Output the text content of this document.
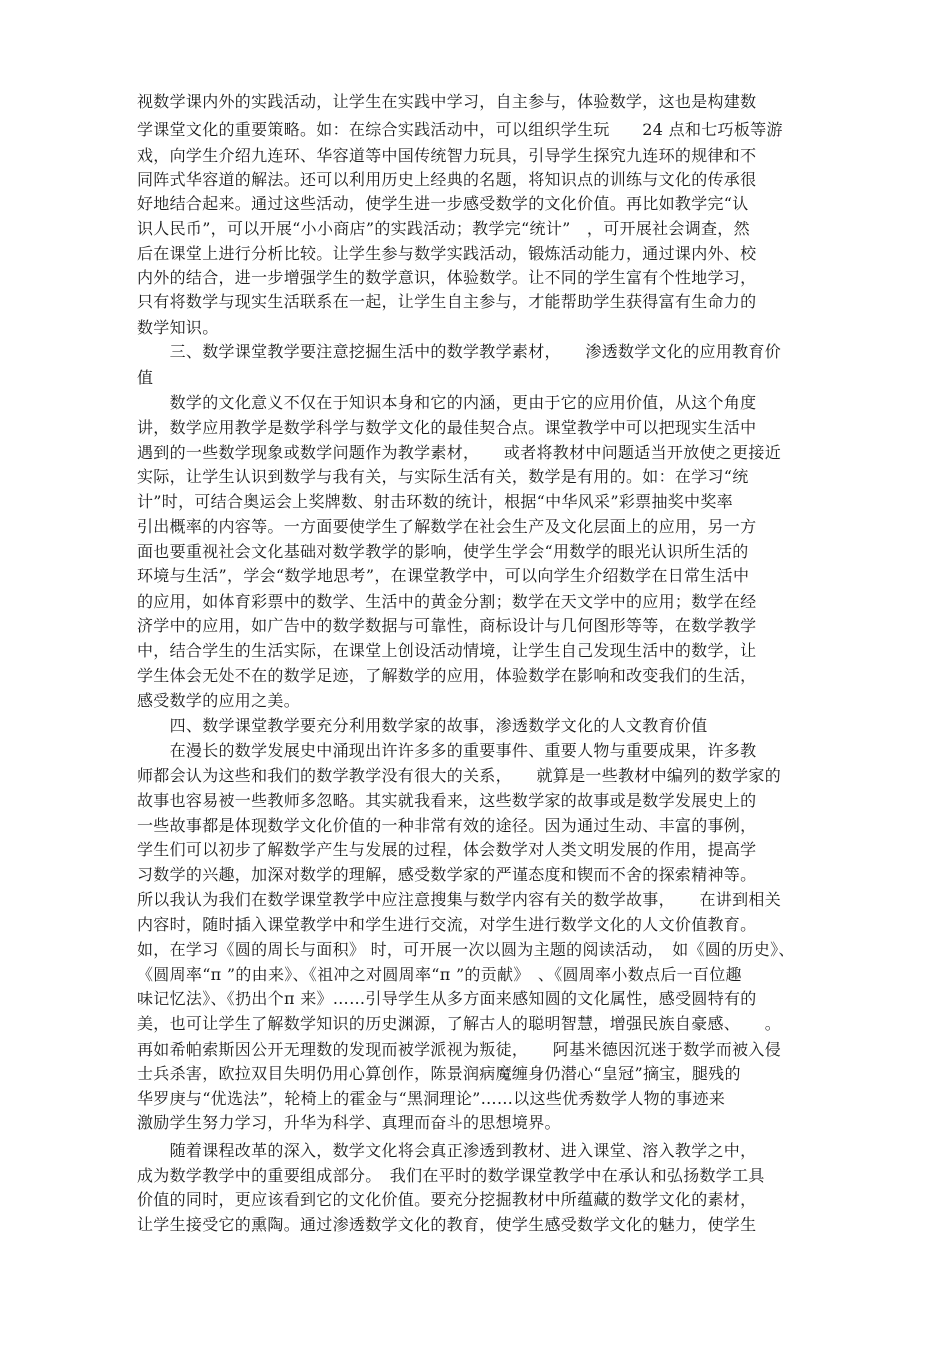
视数学课内外的实践活动，让学生在实践中学习，自主参与，体验数学，这也是构建数
学课堂文化的重要策略。如：在综合实践活动中，可以组织学生玩　　24 点和七巧板等游
戏，向学生介绍九连环、华容道等中国传统智力玩具，引导学生探究九连环的规律和不
同阵式华容道的解法。还可以利用历史上经典的名题，将知识点的训练与文化的传承很
好地结合起来。通过这些活动，使学生进一步感受数学的文化价值。再比如教学完“认
识人民币”，可以开展“小小商店”的实践活动；教学完“统计”　，可开展社会调查，然
后在课堂上进行分析比较。让学生参与数学实践活动，锻炼活动能力，通过课内外、校
内外的结合，进一步增强学生的数学意识，体验数学。让不同的学生富有个性地学习，
只有将数学与现实生活联系在一起，让学生自主参与，才能帮助学生获得富有生命力的
数学知识。
　　三、数学课堂教学要注意挖掘生活中的数学教学素材，　　渗透数学文化的应用教育价
值
　　数学的文化意义不仅在于知识本身和它的内涵，更由于它的应用价值，从这个角度
讲，数学应用教学是数学科学与数学文化的最佳契合点。课堂教学中可以把现实生活中
遇到的一些数学现象或数学问题作为教学素材，　　或者将教材中问题适当开放使之更接近
实际，让学生认识到数学与我有关，与实际生活有关，数学是有用的。如：在学习“统
计”时，可结合奥运会上奖牌数、射击环数的统计，根据“中华风采”彩票抽奖中奖率
引出概率的内容等。一方面要使学生了解数学在社会生产及文化层面上的应用，另一方
面也要重视社会文化基础对数学教学的影响，使学生学会“用数学的眼光认识所生活的
环境与生活”，学会“数学地思考”，在课堂教学中，可以向学生介绍数学在日常生活中
的应用，如体育彩票中的数学、生活中的黄金分割；数学在天文学中的应用；数学在经
济学中的应用，如广告中的数学数据与可靠性，商标设计与几何图形等等，在数学教学
中，结合学生的生活实际，在课堂上创设活动情境，让学生自己发现生活中的数学，让
学生体会无处不在的数学足迹，了解数学的应用，体验数学在影响和改变我们的生活，
感受数学的应用之美。
　　四、数学课堂教学要充分利用数学家的故事，渗透数学文化的人文教育价值
　　在漫长的数学发展史中涌现出许许多多的重要事件、重要人物与重要成果，许多教
师都会认为这些和我们的数学教学没有很大的关系，　　就算是一些教材中编列的数学家的
故事也容易被一些教师多忽略。其实就我看来，这些数学家的故事或是数学发展史上的
一些故事都是体现数学文化价值的一种非常有效的途径。因为通过生动、丰富的事例，
学生们可以初步了解数学产生与发展的过程，体会数学对人类文明发展的作用，提高学
习数学的兴趣，加深对数学的理解，感受数学家的严谨态度和锲而不舍的探索精神等。
所以我认为我们在数学课堂教学中应注意搜集与数学内容有关的数学故事，　　在讲到相关
内容时，随时插入课堂教学中和学生进行交流，对学生进行数学文化的人文价值教育。
如，在学习《圆的周长与面积》 时，可开展一次以圆为主题的阅读活动，　如《圆的历史》、
《圆周率“π ”的由来》、《祖冲之对圆周率“π ”的贡献》　、《圆周率小数点后一百位趣
味记忆法》、《扔出个π 来》……引导学生从多方面来感知圆的文化属性，感受圆特有的
美，也可让学生了解数学知识的历史渊源，了解古人的聪明智慧，增强民族自豪感、　　。
再如希帕索斯因公开无理数的发现而被学派视为叛徒，　　阿基米德因沉迷于数学而被入侵
士兵杀害，欧拉双目失明仍用心算创作，陈景润病魔缠身仍潜心“皇冠”摘宝，腿残的
华罗庚与“优选法”，轮椅上的霍金与“黑洞理论”……以这些优秀数学人物的事迹来
激励学生努力学习，升华为科学、真理而奋斗的思想境界。
　　随着课程改革的深入，数学文化将会真正渗透到教材、进入课堂、溶入教学之中，
成为数学教学中的重要组成部分。　我们在平时的数学课堂教学中在承认和弘扬数学工具
价值的同时，更应该看到它的文化价值。要充分挖掘教材中所蕴藏的数学文化的素材，
让学生接受它的熏陶。通过渗透数学文化的教育，使学生感受数学文化的魅力，使学生
